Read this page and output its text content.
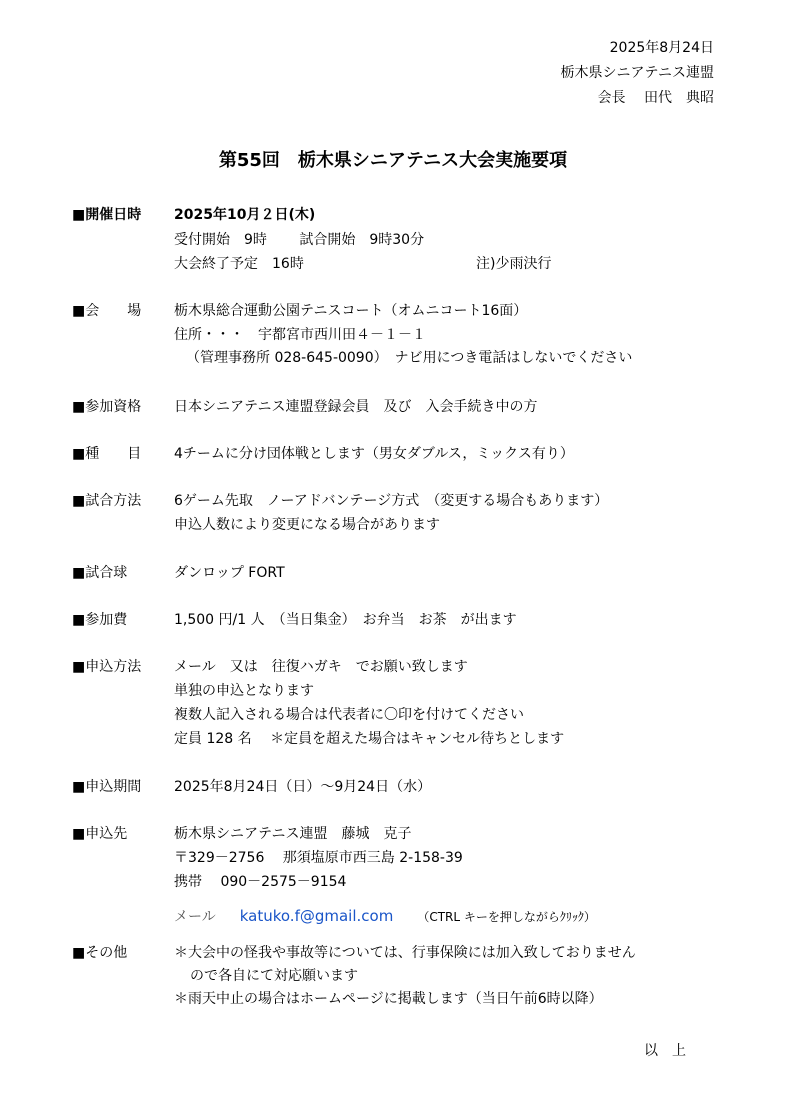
2025年8月24日
栃木県シニアテニス連盟
会長　 田代　典昭
第55回　栃木県シニアテニス大会実施要項
■開催日時 2025年10月２日(木)
受付開始　9時　　 試合開始　9時30分
大会終了予定　16時	注)少雨決行
■会　　場 栃木県総合運動公園テニスコート（オムニコート16面）
住所・・・　宇都宮市西川田４－１－１
（管理事務所 028-645-0090）　ナビ用につき電話はしないでください
■参加資格 日本シニアテニス連盟登録会員　及び　入会手続き中の方
■種　　目 4チームに分け団体戦とします（男女ダブルス，ミックス有り）
■試合方法 6ゲーム先取　ノーアドバンテージ方式　（変更する場合もあります）
申込人数により変更になる場合があります
■試合球	ダンロップ FORT
■参加費	1,500 円/1 人　（当日集金）　お弁当　お茶　が出ます
■申込方法 メール　又は　往復ハガキ　でお願い致します
単独の申込となります
複数人記入される場合は代表者に〇印を付けてください
定員 128 名　 ＊定員を超えた場合はキャンセル待ちとします
■申込期間 2025年8月24日（日）～9月24日（水）
■申込先	栃木県シニアテニス連盟　藤城　克子
〒329－2756　 那須塩原市西三島 2-158-39
携帯　 090－2575－9154
メール katuko.f@gmail.com （CTRL キーを押しながらｸﾘｯｸ）
■その他	＊大会中の怪我や事故等については、行事保険には加入致しておりません
ので各自にて対応願います
＊雨天中止の場合はホームページに掲載します（当日午前6時以降）
以　上
